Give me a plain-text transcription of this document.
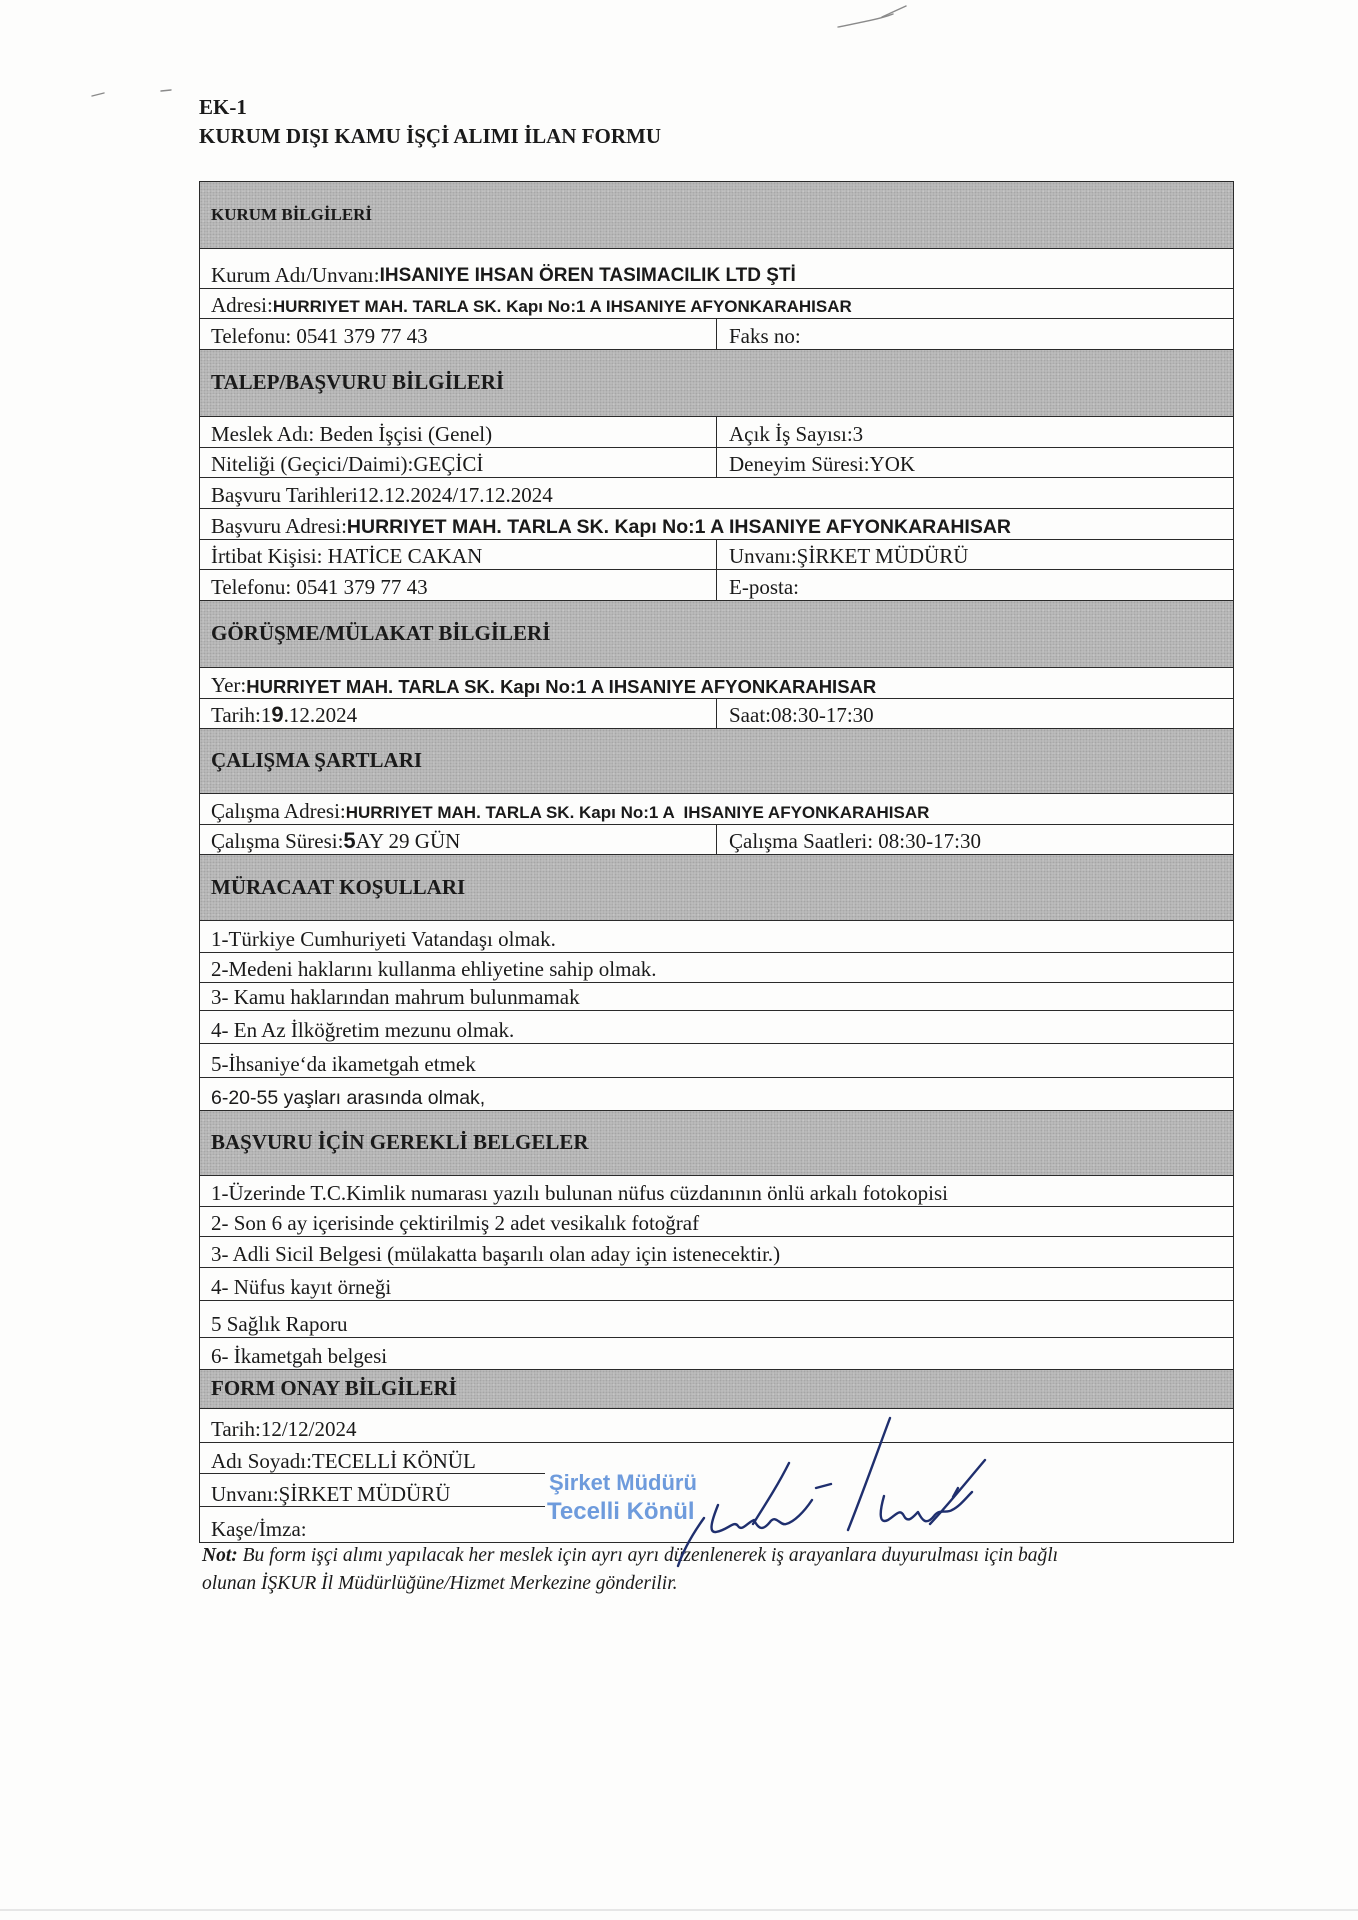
EK-1
KURUM DIŞI KAMU İŞÇİ ALIMI İLAN FORMU
KURUM BİLGİLERİ
Kurum Adı/Unvanı: IHSANIYE IHSAN ÖREN TASIMACILIK LTD ŞTİ
Adresi: HURRIYET MAH. TARLA SK. Kapı No:1 A IHSANIYE AFYONKARAHISAR
Telefonu: 0541 379 77 43	Faks no:
TALEP/BAŞVURU BİLGİLERİ
Meslek Adı: Beden İşçisi (Genel)	Açık İş Sayısı:3
Niteliği (Geçici/Daimi):GEÇİCİ	Deneyim Süresi:YOK
Başvuru Tarihleri12.12.2024/17.12.2024
Başvuru Adresi: HURRIYET MAH. TARLA SK. Kapı No:1 A IHSANIYE AFYONKARAHISAR
İrtibat Kişisi: HATİCE CAKAN	Unvanı:ŞİRKET MÜDÜRÜ
Telefonu: 0541 379 77 43	E-posta:
GÖRÜŞME/MÜLAKAT BİLGİLERİ
Yer: HURRIYET MAH. TARLA SK. Kapı No:1 A IHSANIYE AFYONKARAHISAR
Tarih:1 9 .12.2024	Saat:08:30-17:30
ÇALIŞMA ŞARTLARI
Çalışma Adresi: HURRIYET MAH. TARLA SK. Kapı No:1 A  IHSANIYE AFYONKARAHISAR
Çalışma Süresi: 5 AY 29 GÜN	Çalışma Saatleri: 08:30-17:30
MÜRACAAT KOŞULLARI
1-Türkiye Cumhuriyeti Vatandaşı olmak.
2-Medeni haklarını kullanma ehliyetine sahip olmak.
3- Kamu haklarından mahrum bulunmamak
4- En Az İlköğretim mezunu olmak.
5-İhsaniye‘da ikametgah etmek
6-20-55 yaşları arasında olmak,
BAŞVURU İÇİN GEREKLİ BELGELER
1-Üzerinde T.C.Kimlik numarası yazılı bulunan nüfus cüzdanının önlü arkalı fotokopisi
2- Son 6 ay içerisinde çektirilmiş 2 adet vesikalık fotoğraf
3- Adli Sicil Belgesi (mülakatta başarılı olan aday için istenecektir.)
4- Nüfus kayıt örneği
5 Sağlık Raporu
6- İkametgah belgesi
FORM ONAY BİLGİLERİ
Tarih:12/12/2024
Adı Soyadı:TECELLİ KÖNÜL
Unvanı:ŞİRKET MÜDÜRÜ
Kaşe/İmza:
Şirket Müdürü
Tecelli Könül
Not: Bu form işçi alımı yapılacak her meslek için ayrı ayrı düzenlenerek iş arayanlara duyurulması için bağlı
olunan İŞKUR İl Müdürlüğüne/Hizmet Merkezine gönderilir.
